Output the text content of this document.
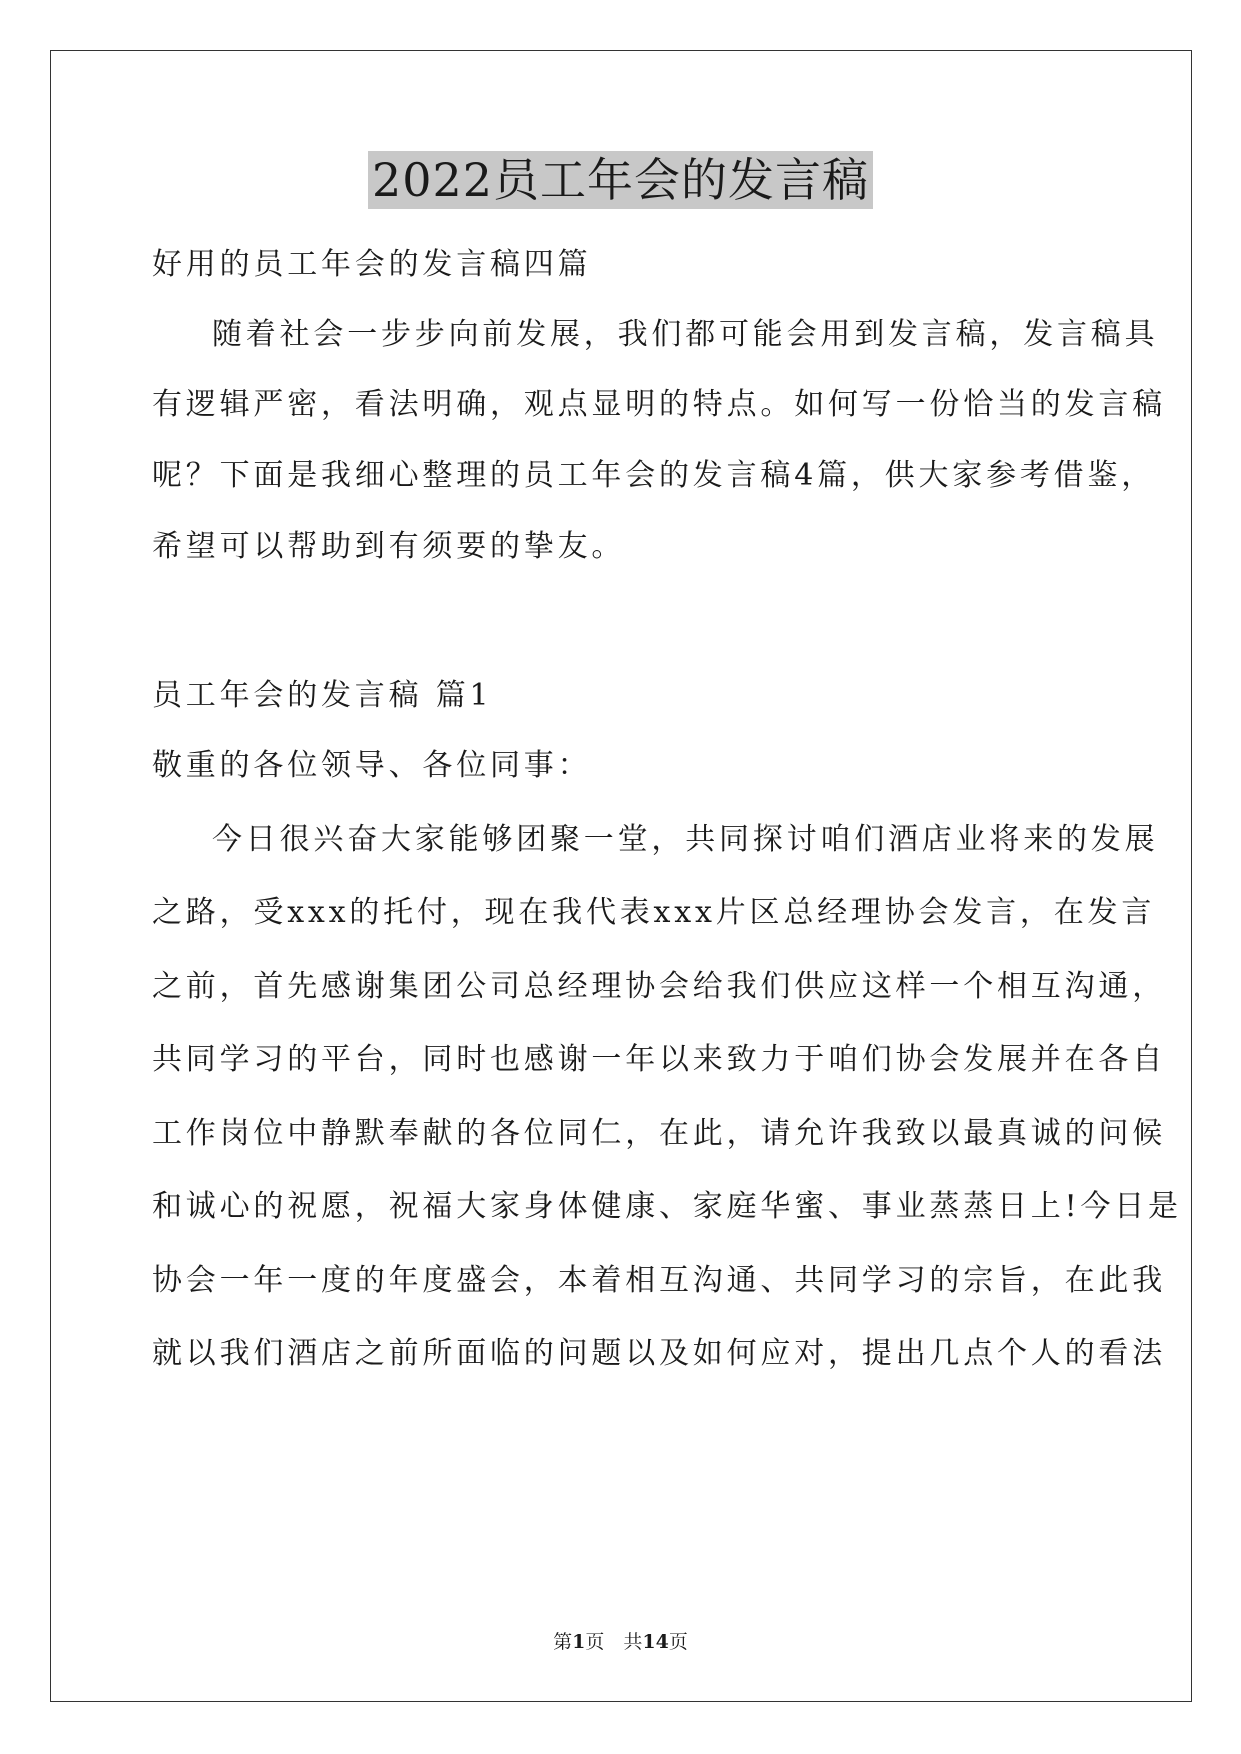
2022员工年会的发言稿
好用的员工年会的发言稿四篇
随着社会一步步向前发展，我们都可能会用到发言稿，发言稿具
有逻辑严密，看法明确，观点显明的特点。如何写一份恰当的发言稿
呢？下面是我细心整理的员工年会的发言稿4篇，供大家参考借鉴，
希望可以帮助到有须要的挚友。
员工年会的发言稿 篇1
敬重的各位领导、各位同事：
今日很兴奋大家能够团聚一堂，共同探讨咱们酒店业将来的发展
之路，受xxx的托付，现在我代表xxx片区总经理协会发言，在发言
之前，首先感谢集团公司总经理协会给我们供应这样一个相互沟通，
共同学习的平台，同时也感谢一年以来致力于咱们协会发展并在各自
工作岗位中静默奉献的各位同仁，在此，请允许我致以最真诚的问候
和诚心的祝愿，祝福大家身体健康、家庭华蜜、事业蒸蒸日上!今日是
协会一年一度的年度盛会，本着相互沟通、共同学习的宗旨，在此我
就以我们酒店之前所面临的问题以及如何应对，提出几点个人的看法
第1页　共14页
